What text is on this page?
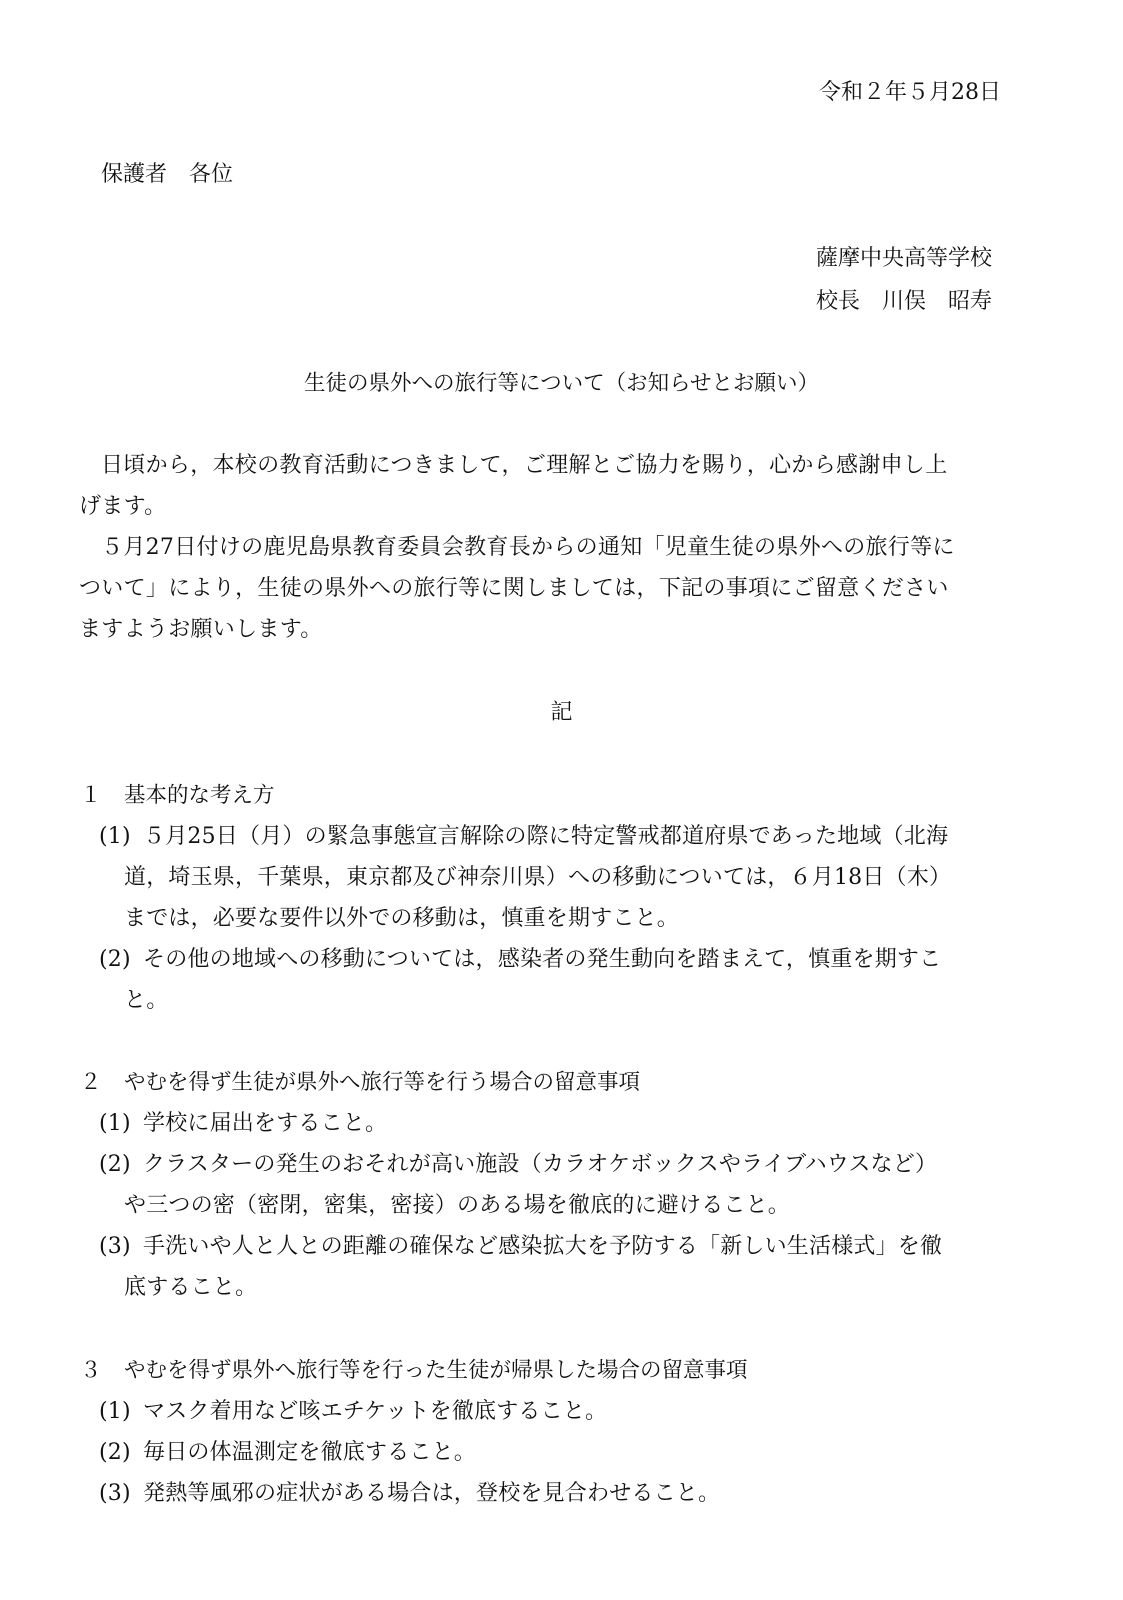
令和２年５月28日
保護者　各位
薩摩中央高等学校
校長　川俣　昭寿
生徒の県外への旅行等について（お知らせとお願い）

日頃から，本校の教育活動につきまして，ご理解とご協力を賜り，心から感謝申し上
げます。

５月27日付けの鹿児島県教育委員会教育長からの通知「児童生徒の県外への旅行等に
ついて」により，生徒の県外への旅行等に関しましては，下記の事項にご留意ください
ますようお願いします。

記
１ 基本的な考え方
(1) ５月25日（月）の緊急事態宣言解除の際に特定警戒都道府県であった地域（北海
道，埼玉県，千葉県，東京都及び神奈川県）への移動については，６月18日（木）
までは，必要な要件以外での移動は，慎重を期すこと。
(2) その他の地域への移動については，感染者の発生動向を踏まえて，慎重を期すこ
と。
２ やむを得ず生徒が県外へ旅行等を行う場合の留意事項
(1) 学校に届出をすること。
(2) クラスターの発生のおそれが高い施設（カラオケボックスやライブハウスなど）
や三つの密（密閉，密集，密接）のある場を徹底的に避けること。
(3) 手洗いや人と人との距離の確保など感染拡大を予防する「新しい生活様式」を徹
底すること。
３ やむを得ず県外へ旅行等を行った生徒が帰県した場合の留意事項
(1) マスク着用など咳エチケットを徹底すること。
(2) 毎日の体温測定を徹底すること。
(3) 発熱等風邪の症状がある場合は，登校を見合わせること。
